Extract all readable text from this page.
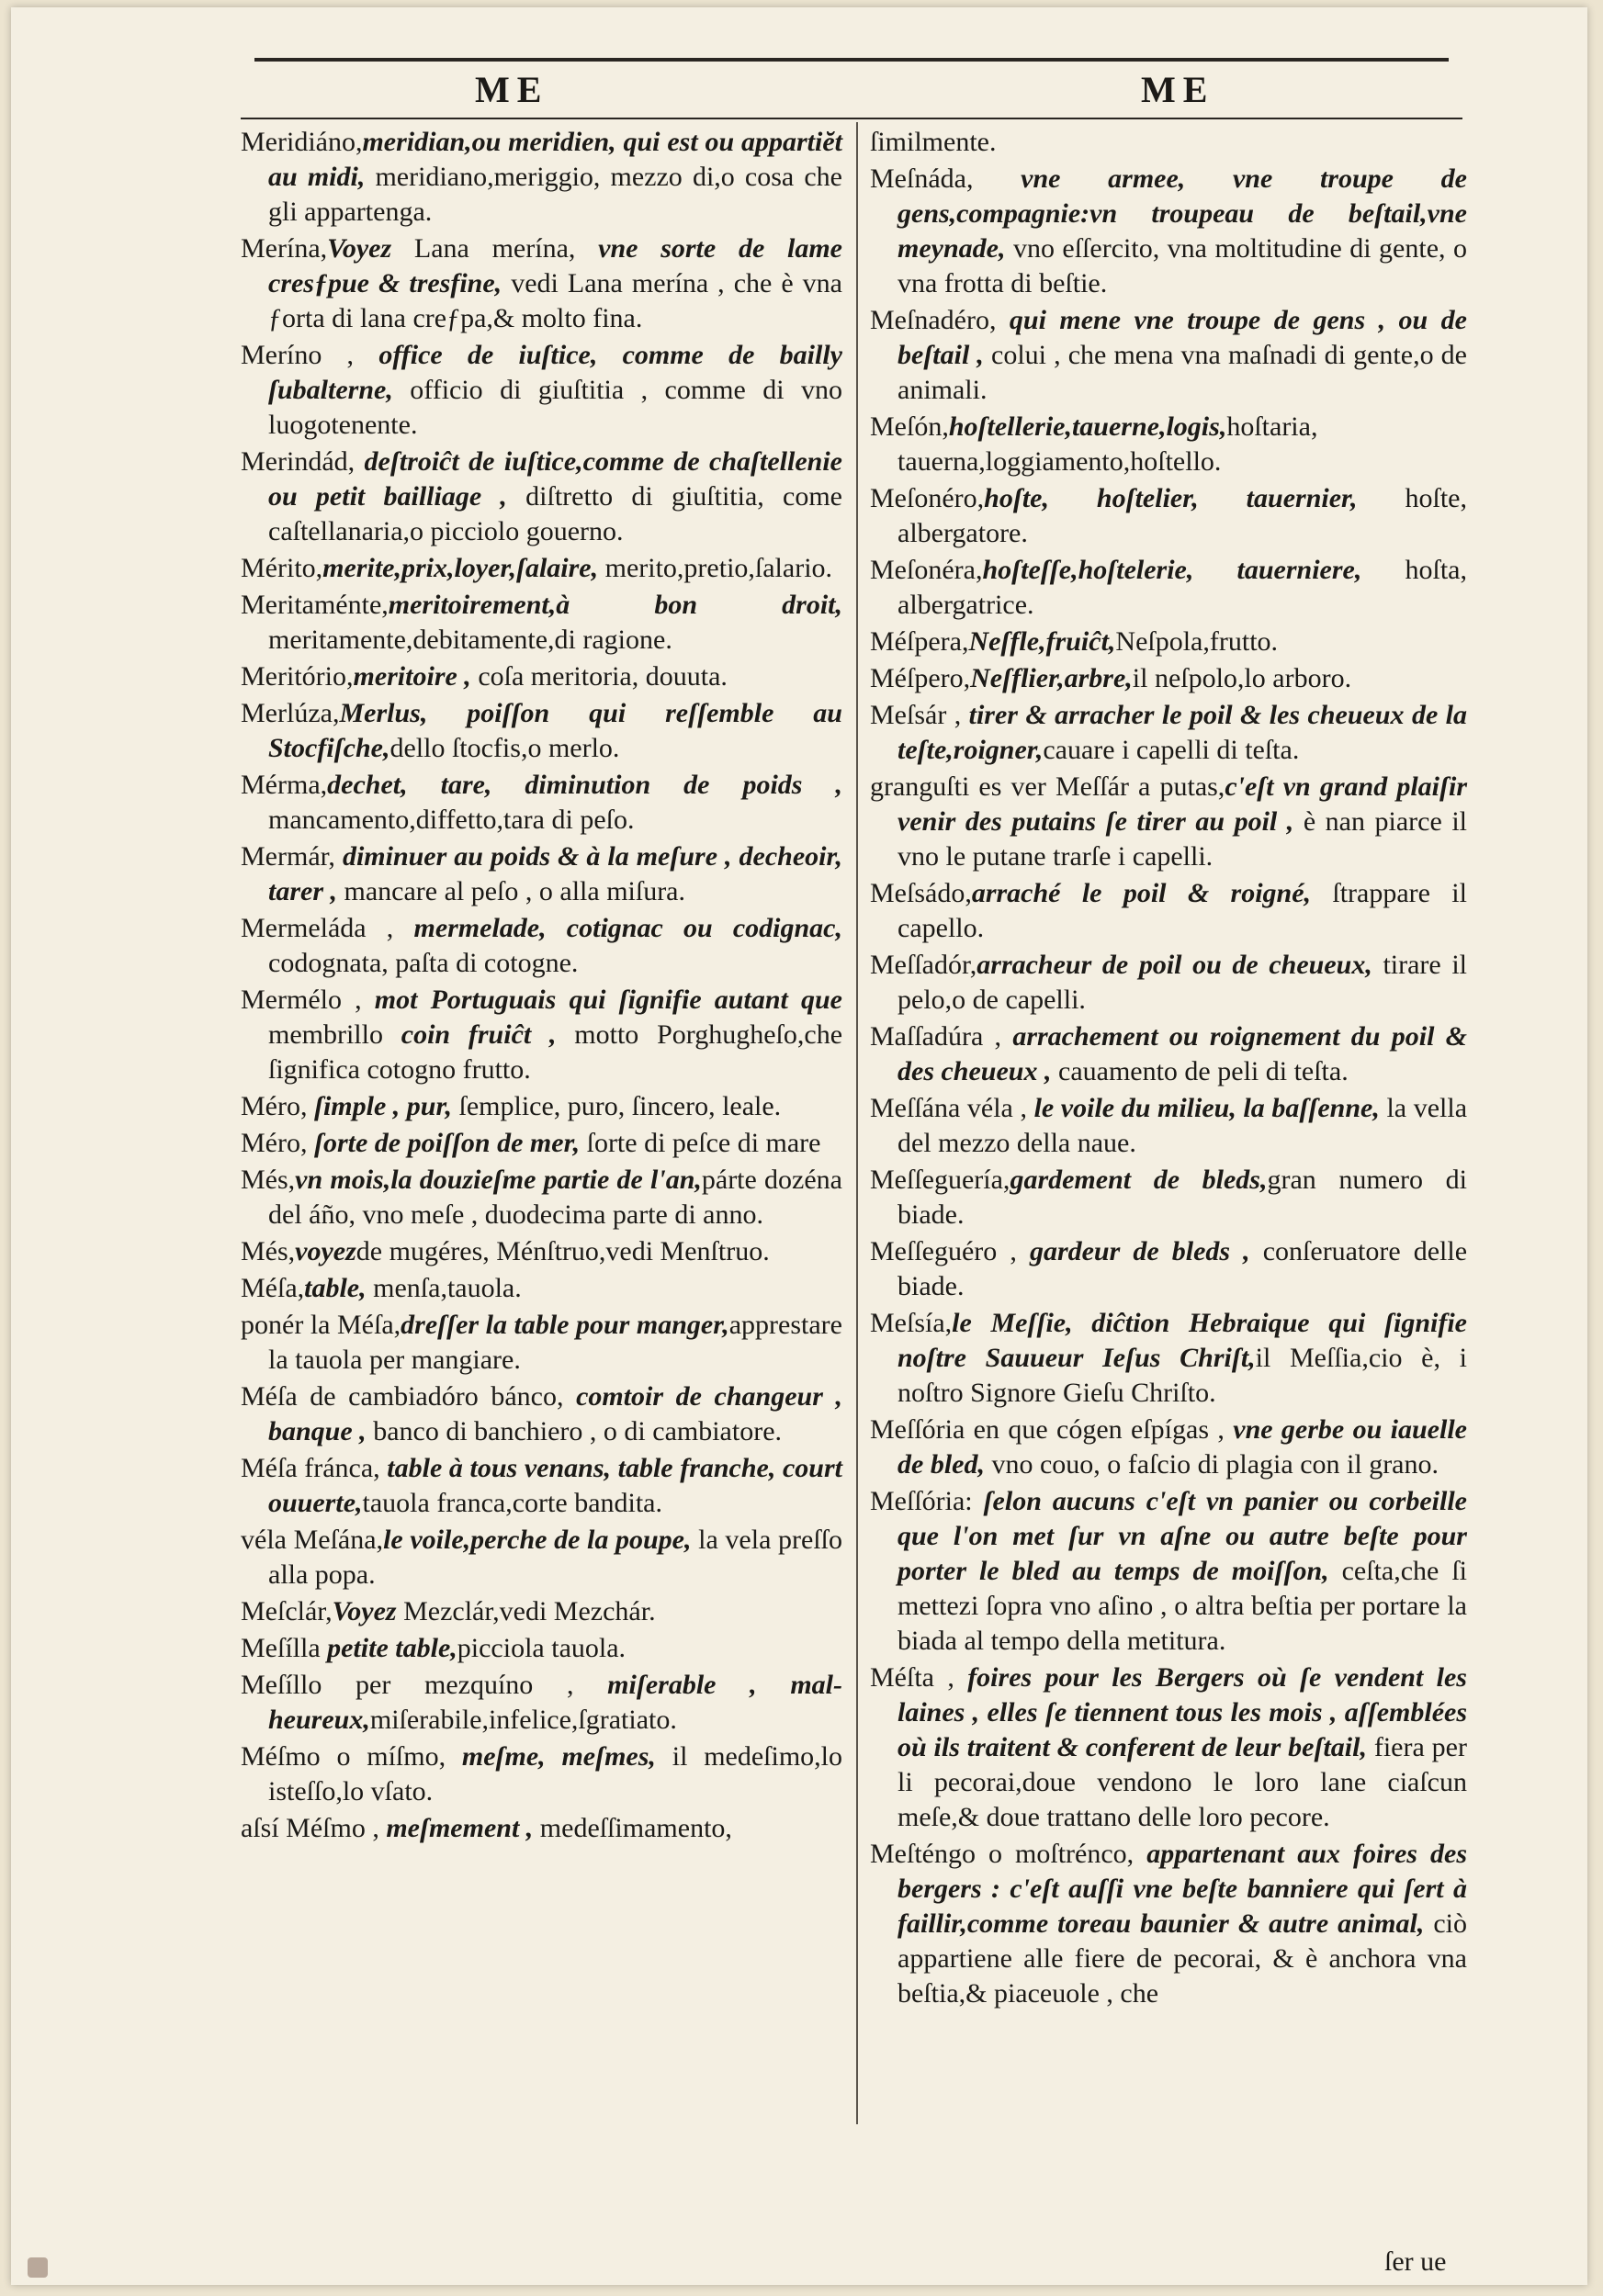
ME	ME

Meridiáno,meridian,ou meridien, qui est ou appartiĕt au midi, meridiano,meriggio, mezzo di,o cosa che gli appartenga.

Merína,Voyez Lana merína, vne sorte de lame cresƒpue & tresfine, vedi Lana merína , che è vna ƒorta di lana creƒpa,& molto fina.

Meríno , office de iuſtice, comme de bailly ſubalterne, officio di giuſtitia , comme di vno luogotenente.

Merindád, deſtroiĉt de iuſtice,comme de chaſtellenie ou petit bailliage , diſtretto di giuſtitia, come caſtellanaria,o picciolo gouerno.

Mérito,merite,prix,loyer,ſalaire, merito,pretio,ſalario.

Meritaménte,meritoirement,à bon droit, meritamente,debitamente,di ragione.

Meritório,meritoire , coſa meritoria, douuta.

Merlúza,Merlus, poiſſon qui reſſemble au Stocfiſche,dello ſtocfis,o merlo.

Mérma,dechet, tare, diminution de poids , mancamento,diffetto,tara di peſo.

Mermár, diminuer au poids & à la meſure , decheoir, tarer , mancare al peſo , o alla miſura.

Mermeláda , mermelade, cotignac ou codignac, codognata, paſta di cotogne.

Mermélo , mot Portuguais qui ſignifie autant que membrillo coin fruiĉt , motto Porghugheſo,che ſignifica cotogno frutto.

Méro, ſimple , pur, ſemplice, puro, ſincero, leale.

Méro, ſorte de poiſſon de mer, ſorte di peſce di mare

Més,vn mois,la douzieſme partie de l'an,párte dozéna del áño, vno meſe , duodecima parte di anno.

Més,voyezde mugéres, Ménſtruo,vedi Menſtruo.

Méſa,table, menſa,tauola.

ponér la Méſa,dreſſer la table pour manger,apprestare la tauola per mangiare.

Méſa de cambiadóro bánco, comtoir de changeur , banque , banco di banchiero , o di cambiatore.

Méſa fránca, table à tous venans, table franche, court ouuerte,tauola franca,corte bandita.

véla Meſána,le voile,perche de la poupe, la vela preſſo alla popa.

Meſclár,Voyez Mezclár,vedi Mezchár.

Meſílla petite table,picciola tauola.

Meſíllo per mezquíno , miſerable , mal-heureux,miſerabile,infelice,ſgratiato.

Méſmo o míſmo, meſme, meſmes, il medeſimo,lo isteſſo,lo vſato.

aſsí Méſmo , meſmement , medeſſimamento,

ſimilmente.

Meſnáda, vne armee, vne troupe de gens,compagnie:vn troupeau de beſtail,vne meynade, vno eſſercito, vna moltitudine di gente, o vna frotta di beſtie.

Meſnadéro, qui mene vne troupe de gens , ou de beſtail , colui , che mena vna maſnadi di gente,o de animali.

Meſón,hoſtellerie,tauerne,logis,hoſtaria, tauerna,loggiamento,hoſtello.

Meſonéro,hoſte, hoſtelier, tauernier, hoſte, albergatore.

Meſonéra,hoſteſſe,hoſtelerie, tauerniere, hoſta, albergatrice.

Méſpera,Neſfle,fruiĉt,Neſpola,frutto.

Méſpero,Neſflier,arbre,il neſpolo,lo arboro.

Meſsár , tirer & arracher le poil & les cheueux de la teſte,roigner,cauare i capelli di teſta.

granguſti es ver Meſſár a putas,c'eſt vn grand plaiſir venir des putains ſe tirer au poil , è nan piarce il vno le putane trarſe i capelli.

Meſsádo,arraché le poil & roigné, ſtrappare il capello.

Meſſadór,arracheur de poil ou de cheueux, tirare il pelo,o de capelli.

Maſſadúra , arrachement ou roignement du poil & des cheueux , cauamento de peli di teſta.

Meſſána véla , le voile du milieu, la baſſenne, la vella del mezzo della naue.

Meſſeguería,gardement de bleds,gran numero di biade.

Meſſeguéro , gardeur de bleds , conſeruatore delle biade.

Meſsía,le Meſſie, diĉtion Hebraique qui ſignifie noſtre Sauueur Ieſus Chriſt,il Meſſia,cio è, i noſtro Signore Gieſu Chriſto.

Meſſória en que cógen eſpígas , vne gerbe ou iauelle de bled, vno couo, o faſcio di plagia con il grano.

Meſſória: ſelon aucuns c'eſt vn panier ou corbeille que l'on met ſur vn aſne ou autre beſte pour porter le bled au temps de moiſſon, ceſta,che ſi mettezi ſopra vno aſino , o altra beſtia per portare la biada al tempo della metitura.

Méſta , foires pour les Bergers où ſe vendent les laines , elles ſe tiennent tous les mois , aſſemblées où ils traitent & conferent de leur beſtail, fiera per li pecorai,doue vendono le loro lane ciaſcun meſe,& doue trattano delle loro pecore.

Meſténgo o moſtrénco, appartenant aux foires des bergers : c'eſt auſſi vne beſte banniere qui ſert à faillir,comme toreau baunier & autre animal, ciò appartiene alle fiere de pecorai, & è anchora vna beſtia,& piaceuole , che

ſer ue
